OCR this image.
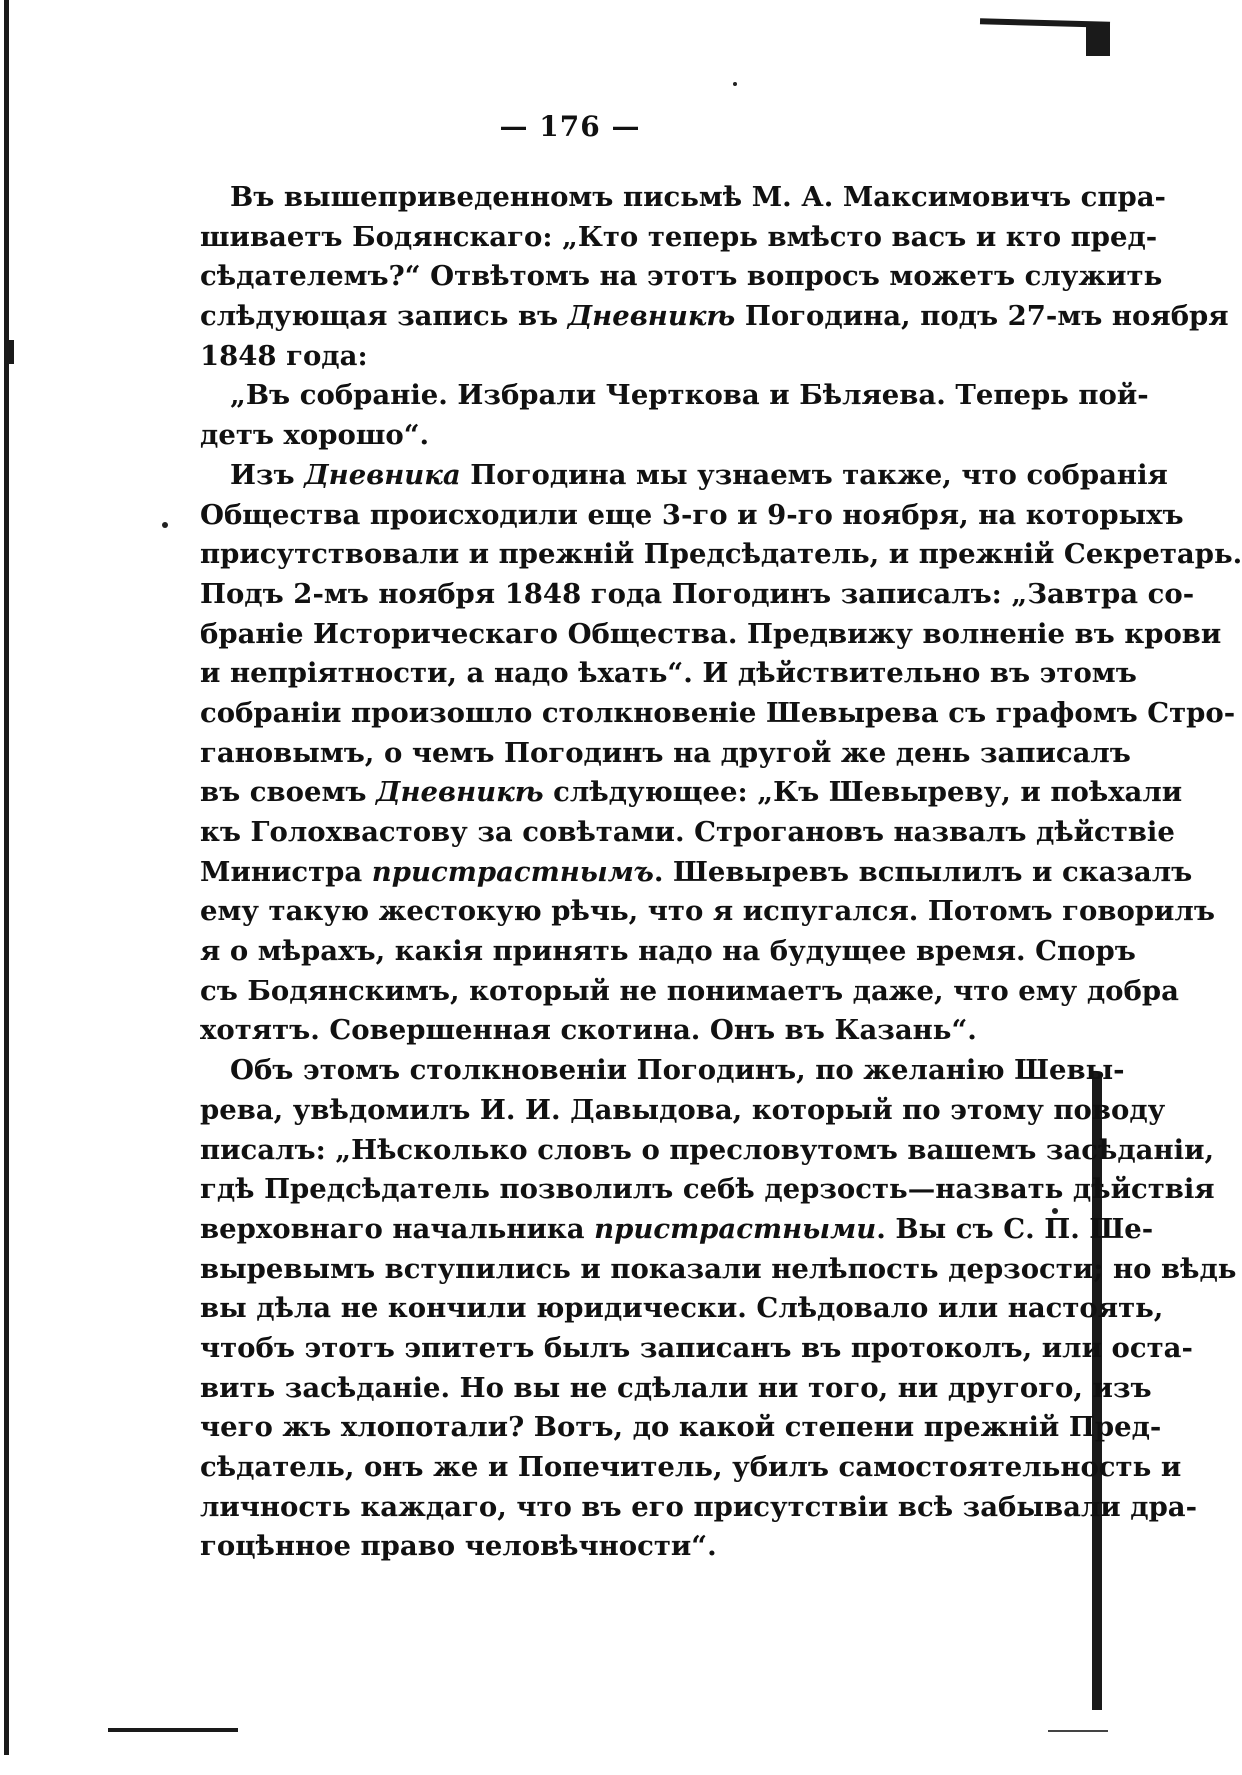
— 176 —
Въ вышеприведенномъ письмѣ М. А. Максимовичъ спра-
шиваетъ Бодянскаго: „Кто теперь вмѣсто васъ и кто пред-
сѣдателемъ?“ Отвѣтомъ на этотъ вопросъ можетъ служить
слѣдующая запись въ Дневникѣ Погодина, подъ 27-мъ ноября
1848 года:
„Въ собраніе. Избрали Черткова и Бѣляева. Теперь пой-
детъ хорошо“.
Изъ Дневника Погодина мы узнаемъ также, что собранія
Общества происходили еще 3-го и 9-го ноября, на которыхъ
присутствовали и прежній Предсѣдатель, и прежній Секретарь.
Подъ 2-мъ ноября 1848 года Погодинъ записалъ: „Завтра со-
браніе Историческаго Общества. Предвижу волненіе въ крови
и непріятности, а надо ѣхать“. И дѣйствительно въ этомъ
собраніи произошло столкновеніе Шевырева съ графомъ Стро-
гановымъ, о чемъ Погодинъ на другой же день записалъ
въ своемъ Дневникѣ слѣдующее: „Къ Шевыреву, и поѣхали
къ Голохвастову за совѣтами. Строгановъ назвалъ дѣйствіе
Министра пристрастнымъ. Шевыревъ вспылилъ и сказалъ
ему такую жестокую рѣчь, что я испугался. Потомъ говорилъ
я о мѣрахъ, какія принять надо на будущее время. Споръ
съ Бодянскимъ, который не понимаетъ даже, что ему добра
хотятъ. Совершенная скотина. Онъ въ Казань“.
Объ этомъ столкновеніи Погодинъ, по желанію Шевы-
рева, увѣдомилъ И. И. Давыдова, который по этому поводу
писалъ: „Нѣсколько словъ о пресловутомъ вашемъ засѣданіи,
гдѣ Предсѣдатель позволилъ себѣ дерзость—назвать дѣйствія
верховнаго начальника пристрастными. Вы съ С. П. Ше-
выревымъ вступились и показали нелѣпость дерзости; но вѣдь
вы дѣла не кончили юридически. Слѣдовало или настоять,
чтобъ этотъ эпитетъ былъ записанъ въ протоколъ, или оста-
вить засѣданіе. Но вы не сдѣлали ни того, ни другого, изъ
чего жъ хлопотали? Вотъ, до какой степени прежній Пред-
сѣдатель, онъ же и Попечитель, убилъ самостоятельность и
личность каждаго, что въ его присутствіи всѣ забывали дра-
гоцѣнное право человѣчности“.
